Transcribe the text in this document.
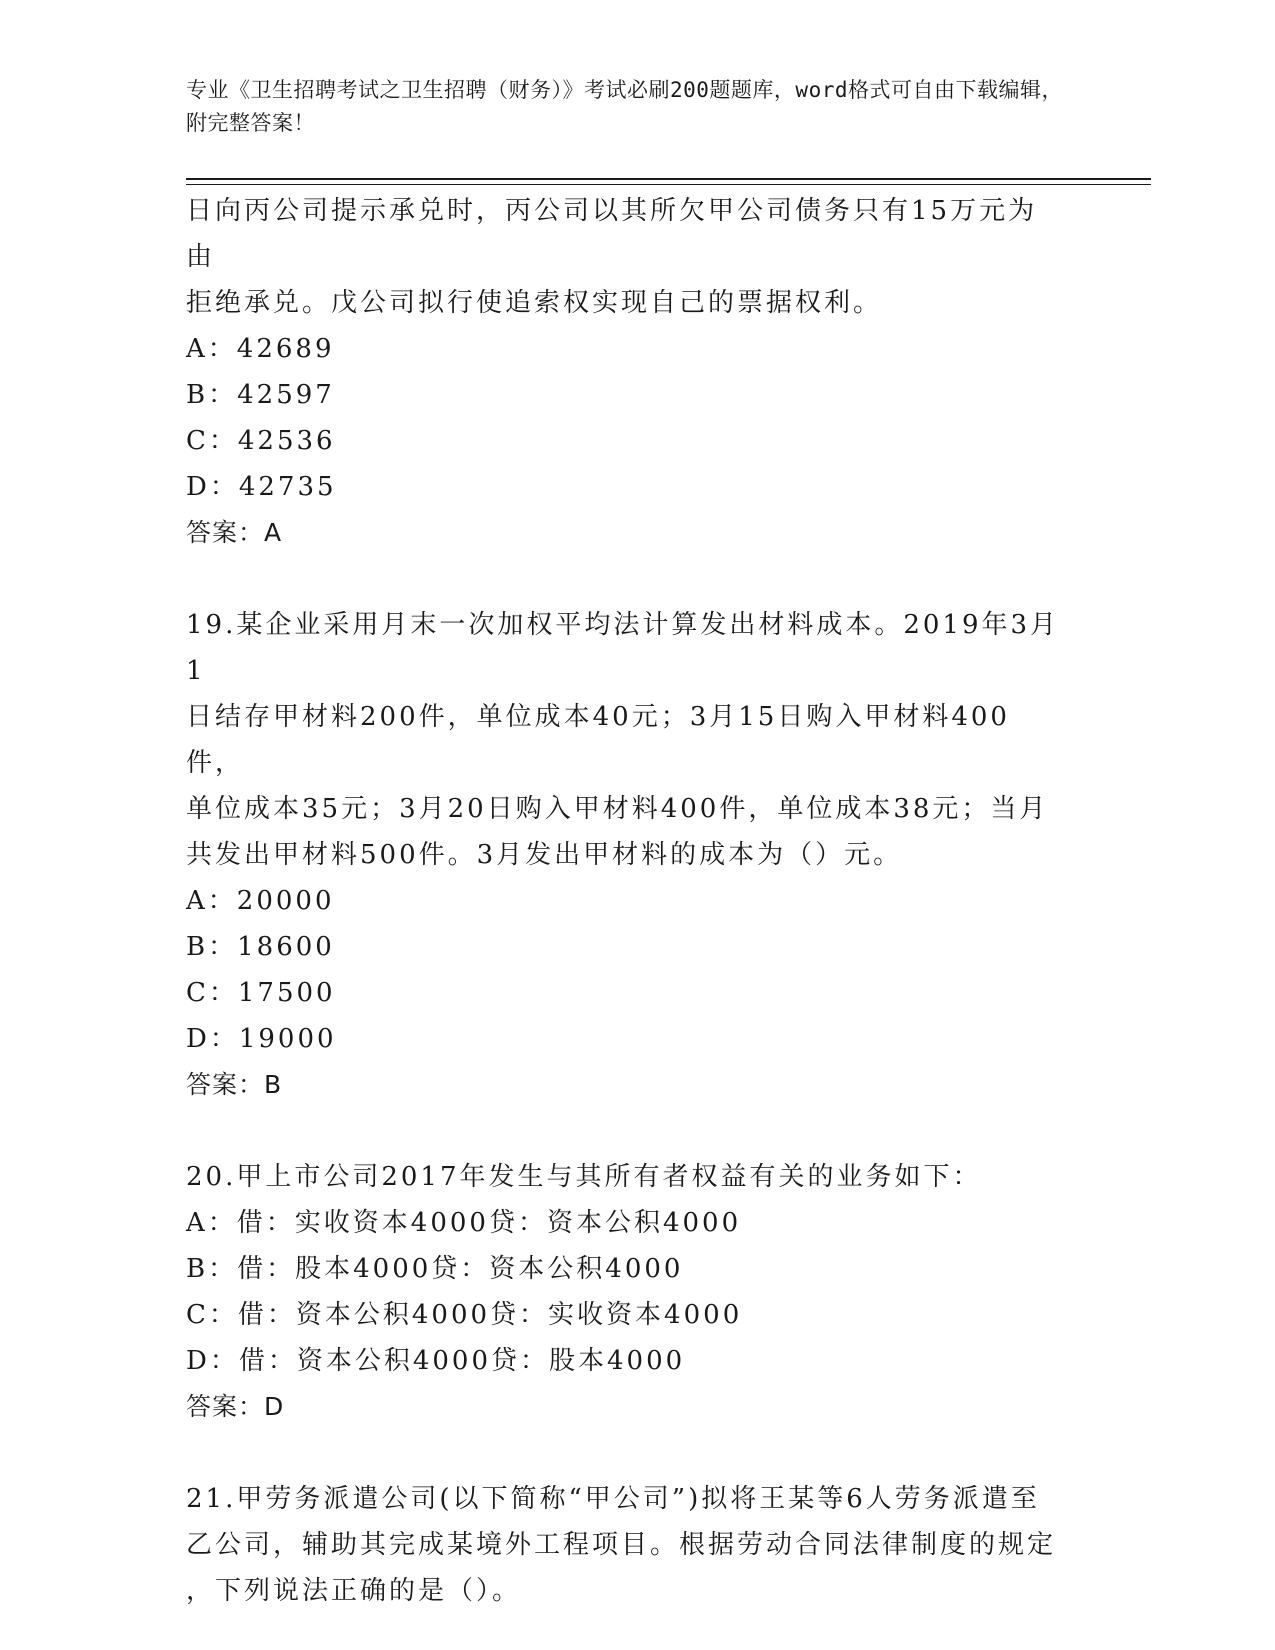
专业《卫生招聘考试之卫生招聘（财务）》考试必刷200题题库，word格式可自由下载编辑，附完整答案！

日向丙公司提示承兑时，丙公司以其所欠甲公司债务只有15万元为由

拒绝承兑。戊公司拟行使追索权实现自己的票据权利。

A：42689

B：42597

C：42536

D：42735

答案：A

19.某企业采用月末一次加权平均法计算发出材料成本。2019年3月1

日结存甲材料200件，单位成本40元；3月15日购入甲材料400件，

单位成本35元；3月20日购入甲材料400件，单位成本38元；当月

共发出甲材料500件。3月发出甲材料的成本为（）元。

A：20000

B：18600

C：17500

D：19000

答案：B

20.甲上市公司2017年发生与其所有者权益有关的业务如下：

A：借：实收资本4000贷：资本公积4000

B：借：股本4000贷：资本公积4000

C：借：资本公积4000贷：实收资本4000

D：借：资本公积4000贷：股本4000

答案：D

21.甲劳务派遣公司(以下简称“甲公司”)拟将王某等6人劳务派遣至

乙公司，辅助其完成某境外工程项目。根据劳动合同法律制度的规定

，下列说法正确的是（）。
